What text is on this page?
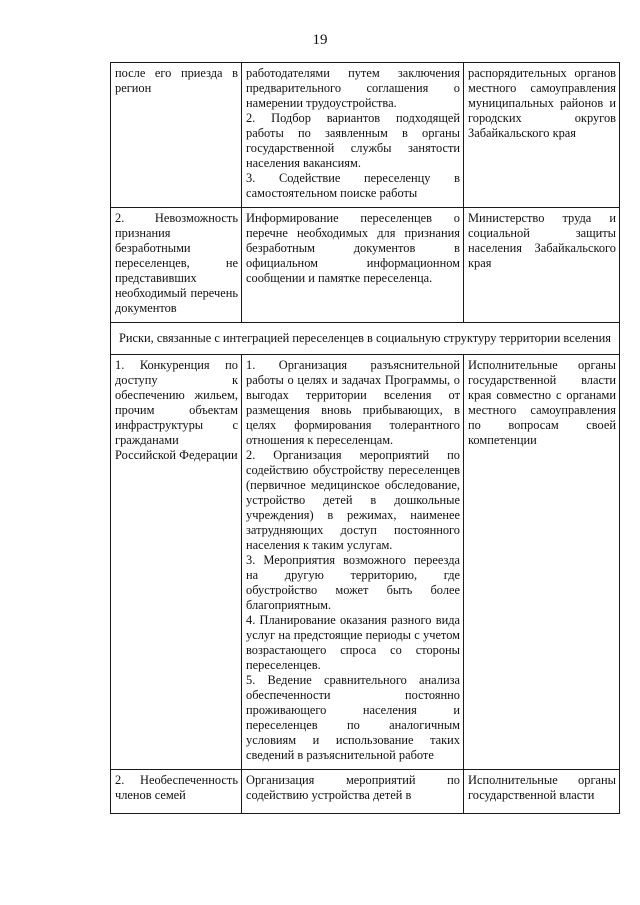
19
после его приезда в регион	работодателями путем заключения предварительного соглашения о намерении трудоустройства.
2. Подбор вариантов подходящей работы по заявленным в органы государственной службы занятости населения вакансиям.
3. Содействие переселенцу в самостоятельном поиске работы	распорядительных органов местного самоуправления муниципальных районов и городских округов Забайкальского края

2. Невозможность признания безработными переселенцев, не представивших необходимый перечень документов	Информирование переселенцев о перечне необходимых для признания безработным документов в официальном информационном сообщении и памятке переселенца.	Министерство труда и социальной защиты населения Забайкальского края

Риски, связанные с интеграцией переселенцев в социальную структуру территории вселения		

1. Конкуренция по доступу к обеспечению жильем, прочим объектам инфраструктуры с гражданами Российской Федерации	1. Организация разъяснительной работы о целях и задачах Программы, о выгодах территории вселения от размещения вновь прибывающих, в целях формирования толерантного отношения к переселенцам.
2. Организация мероприятий по содействию обустройству переселенцев (первичное медицинское обследование, устройство детей в дошкольные учреждения) в режимах, наименее затрудняющих доступ постоянного населения к таким услугам.
3. Мероприятия возможного переезда на другую территорию, где обустройство может быть более благоприятным.
4. Планирование оказания разного вида услуг на предстоящие периоды с учетом возрастающего спроса со стороны переселенцев.
5. Ведение сравнительного анализа обеспеченности постоянно проживающего населения и переселенцев по аналогичным условиям и использование таких сведений в разъяснительной работе	Исполнительные органы государственной власти края совместно с органами местного самоуправления по вопросам своей компетенции

2. Необеспеченность членов семей	Организация мероприятий по содействию устройства детей в	Исполнительные органы государственной власти
